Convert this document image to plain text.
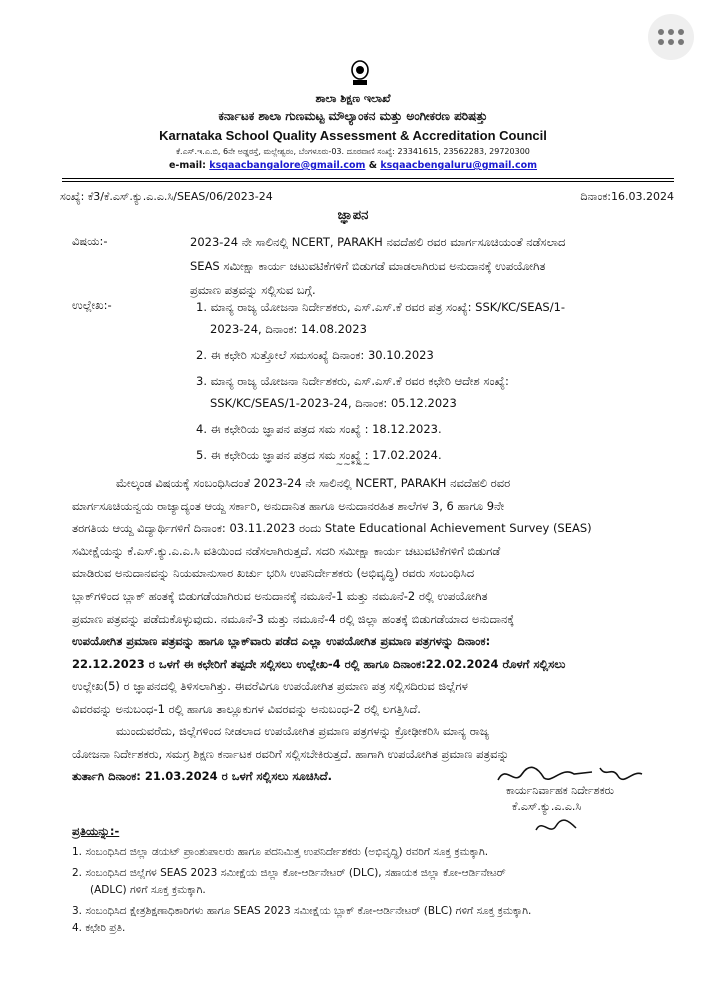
ಶಾಲಾ ಶಿಕ್ಷಣ ಇಲಾಖೆ
ಕರ್ನಾಟಕ ಶಾಲಾ ಗುಣಮಟ್ಟ ಮೌಲ್ಯಾಂಕನ ಮತ್ತು ಅಂಗೀಕರಣ ಪರಿಷತ್ತು
Karnataka School Quality Assessment & Accreditation Council
ಕೆ.ಎಸ್.ಇ.ಎ.ಬಿ, 6ನೇ ಅಡ್ಡರಸ್ತೆ, ಮಲ್ಲೇಶ್ವರಂ, ಬೆಂಗಳೂರು-03. ದೂರವಾಣಿ ಸಂಖ್ಯೆ: 23341615, 23562283, 29720300
e-mail: ksqaacbangalore@gmail.com & ksqaacbengaluru@gmail.com
ಸಂಖ್ಯೆ: ಕೆ3/ಕೆ.ಎಸ್.ಕ್ಯು.ಎ.ಎ.ಸಿ/SEAS/06/2023-24	ದಿನಾಂಕ:16.03.2024
ಜ್ಞಾಪನ
ವಿಷಯ:-	2023-24 ನೇ ಸಾಲಿನಲ್ಲಿ NCERT, PARAKH ನವದೆಹಲಿ ರವರ ಮಾರ್ಗಸೂಚಿಯಂತೆ ನಡೆಸಲಾದ
SEAS ಸಮೀಕ್ಷಾ ಕಾರ್ಯ ಚಟುವಟಿಕೆಗಳಿಗೆ ಬಿಡುಗಡೆ ಮಾಡಲಾಗಿರುವ ಅನುದಾನಕ್ಕೆ ಉಪಯೋಗಿತ
ಪ್ರಮಾಣ ಪತ್ರವನ್ನು ಸಲ್ಲಿಸುವ ಬಗ್ಗೆ.
ಉಲ್ಲೇಖ:-	1. ಮಾನ್ಯ ರಾಜ್ಯ ಯೋಜನಾ ನಿರ್ದೇಶಕರು, ಎಸ್.ಎಸ್.ಕೆ ರವರ ಪತ್ರ ಸಂಖ್ಯೆ: SSK/KC/SEAS/1-
2023-24, ದಿನಾಂಕ: 14.08.2023
2. ಈ ಕಛೇರಿ ಸುತ್ತೋಲೆ ಸಮಸಂಖ್ಯೆ ದಿನಾಂಕ: 30.10.2023
3. ಮಾನ್ಯ ರಾಜ್ಯ ಯೋಜನಾ ನಿರ್ದೇಶಕರು, ಎಸ್.ಎಸ್.ಕೆ ರವರ ಕಛೇರಿ ಆದೇಶ ಸಂಖ್ಯೆ:
SSK/KC/SEAS/1-2023-24, ದಿನಾಂಕ: 05.12.2023
4. ಈ ಕಛೇರಿಯ ಜ್ಞಾಪನ ಪತ್ರದ ಸಮ ಸಂಖ್ಯೆ : 18.12.2023.
5. ಈ ಕಛೇರಿಯ ಜ್ಞಾಪನ ಪತ್ರದ ಸಮ ಸಂಖ್ಯೆ : 17.02.2024.
~~*~~
ಮೇಲ್ಕಂಡ ವಿಷಯಕ್ಕೆ ಸಂಬಂಧಿಸಿದಂತೆ 2023-24 ನೇ ಸಾಲಿನಲ್ಲಿ NCERT, PARAKH ನವದೆಹಲಿ ರವರ
ಮಾರ್ಗಸೂಚಿಯನ್ವಯ ರಾಜ್ಯಾದ್ಯಂತ ಆಯ್ದ ಸರ್ಕಾರಿ, ಅನುದಾನಿತ ಹಾಗೂ ಅನುದಾನರಹಿತ ಶಾಲೆಗಳ 3, 6 ಹಾಗೂ 9ನೇ
ತರಗತಿಯ ಆಯ್ದ ವಿದ್ಯಾರ್ಥಿಗಳಿಗೆ ದಿನಾಂಕ: 03.11.2023 ರಂದು State Educational Achievement Survey (SEAS)
ಸಮೀಕ್ಷೆಯನ್ನು ಕೆ.ಎಸ್.ಕ್ಯು.ಎ.ಎ.ಸಿ ವತಿಯಿಂದ ನಡೆಸಲಾಗಿರುತ್ತದೆ. ಸದರಿ ಸಮೀಕ್ಷಾ ಕಾರ್ಯ ಚಟುವಟಿಕೆಗಳಿಗೆ ಬಿಡುಗಡೆ
ಮಾಡಿರುವ ಅನುದಾನವನ್ನು ನಿಯಮಾನುಸಾರ ಖರ್ಚು ಭರಿಸಿ ಉಪನಿರ್ದೇಶಕರು (ಅಭಿವೃದ್ಧಿ) ರವರು ಸಂಬಂಧಿಸಿದ
ಬ್ಲಾಕ್‌ಗಳಿಂದ ಬ್ಲಾಕ್ ಹಂತಕ್ಕೆ ಬಿಡುಗಡೆಯಾಗಿರುವ ಅನುದಾನಕ್ಕೆ ನಮೂನೆ-1 ಮತ್ತು ನಮೂನೆ-2 ರಲ್ಲಿ ಉಪಯೋಗಿತ
ಪ್ರಮಾಣ ಪತ್ರವನ್ನು ಪಡೆದುಕೊಳ್ಳುವುದು. ನಮೂನೆ-3 ಮತ್ತು ನಮೂನೆ-4 ರಲ್ಲಿ ಜಿಲ್ಲಾ ಹಂತಕ್ಕೆ ಬಿಡುಗಡೆಯಾದ ಅನುದಾನಕ್ಕೆ
ಉಪಯೋಗಿತ ಪ್ರಮಾಣ ಪತ್ರವನ್ನು ಹಾಗೂ ಬ್ಲಾಕ್‌ವಾರು ಪಡೆದ ಎಲ್ಲಾ ಉಪಯೋಗಿತ ಪ್ರಮಾಣ ಪತ್ರಗಳನ್ನು ದಿನಾಂಕ:
22.12.2023 ರ ಒಳಗೆ ಈ ಕಛೇರಿಗೆ ತಪ್ಪದೇ ಸಲ್ಲಿಸಲು ಉಲ್ಲೇಖ-4 ರಲ್ಲಿ ಹಾಗೂ ದಿನಾಂಕ:22.02.2024 ರೊಳಗೆ ಸಲ್ಲಿಸಲು
ಉಲ್ಲೇಖ(5) ರ ಜ್ಞಾಪನದಲ್ಲಿ ತಿಳಿಸಲಾಗಿತ್ತು. ಈವರೆವಿಗೂ ಉಪಯೋಗಿತ ಪ್ರಮಾಣ ಪತ್ರ ಸಲ್ಲಿಸದಿರುವ ಜಿಲ್ಲೆಗಳ
ವಿವರವನ್ನು ಅನುಬಂಧ-1 ರಲ್ಲಿ ಹಾಗೂ ತಾಲ್ಲೂಕುಗಳ ವಿವರವನ್ನು ಅನುಬಂಧ-2 ರಲ್ಲಿ ಲಗತ್ತಿಸಿದೆ.
ಮುಂದುವರೆದು, ಜಿಲ್ಲೆಗಳಿಂದ ನೀಡಲಾದ ಉಪಯೋಗಿತ ಪ್ರಮಾಣ ಪತ್ರಗಳನ್ನು ಕ್ರೋಢೀಕರಿಸಿ ಮಾನ್ಯ ರಾಜ್ಯ
ಯೋಜನಾ ನಿರ್ದೇಶಕರು, ಸಮಗ್ರ ಶಿಕ್ಷಣ ಕರ್ನಾಟಕ ರವರಿಗೆ ಸಲ್ಲಿಸಬೇಕಿರುತ್ತದೆ. ಹಾಗಾಗಿ ಉಪಯೋಗಿತ ಪ್ರಮಾಣ ಪತ್ರವನ್ನು
ತುರ್ತಾಗಿ ದಿನಾಂಕ: 21.03.2024 ರ ಒಳಗೆ ಸಲ್ಲಿಸಲು ಸೂಚಿಸಿದೆ.
ಕಾರ್ಯನಿರ್ವಾಹಕ ನಿರ್ದೇಶಕರು
ಕೆ.ಎಸ್.ಕ್ಯು.ಎ.ಎ.ಸಿ
ಪ್ರತಿಯನ್ನು:-
1. ಸಂಬಂಧಿಸಿದ ಜಿಲ್ಲಾ ಡಯಟ್ ಪ್ರಾಂಶುಪಾಲರು ಹಾಗೂ ಪದನಿಮಿತ್ತ ಉಪನಿರ್ದೇಶಕರು (ಅಭಿವೃದ್ಧಿ) ರವರಿಗೆ ಸೂಕ್ತ ಕ್ರಮಕ್ಕಾಗಿ.
2. ಸಂಬಂಧಿಸಿದ ಜಿಲ್ಲೆಗಳ SEAS 2023 ಸಮೀಕ್ಷೆಯ ಜಿಲ್ಲಾ ಕೋ-ಆರ್ಡಿನೇಟರ್ (DLC), ಸಹಾಯಕ ಜಿಲ್ಲಾ ಕೋ-ಆರ್ಡಿನೇಟರ್
(ADLC) ಗಳಿಗೆ ಸೂಕ್ತ ಕ್ರಮಕ್ಕಾಗಿ.
3. ಸಂಬಂಧಿಸಿದ ಕ್ಷೇತ್ರಶಿಕ್ಷಣಾಧಿಕಾರಿಗಳು ಹಾಗೂ SEAS 2023 ಸಮೀಕ್ಷೆಯ ಬ್ಲಾಕ್ ಕೋ-ಆರ್ಡಿನೇಟರ್ (BLC) ಗಳಿಗೆ ಸೂಕ್ತ ಕ್ರಮಕ್ಕಾಗಿ.
4. ಕಛೇರಿ ಪ್ರತಿ.
